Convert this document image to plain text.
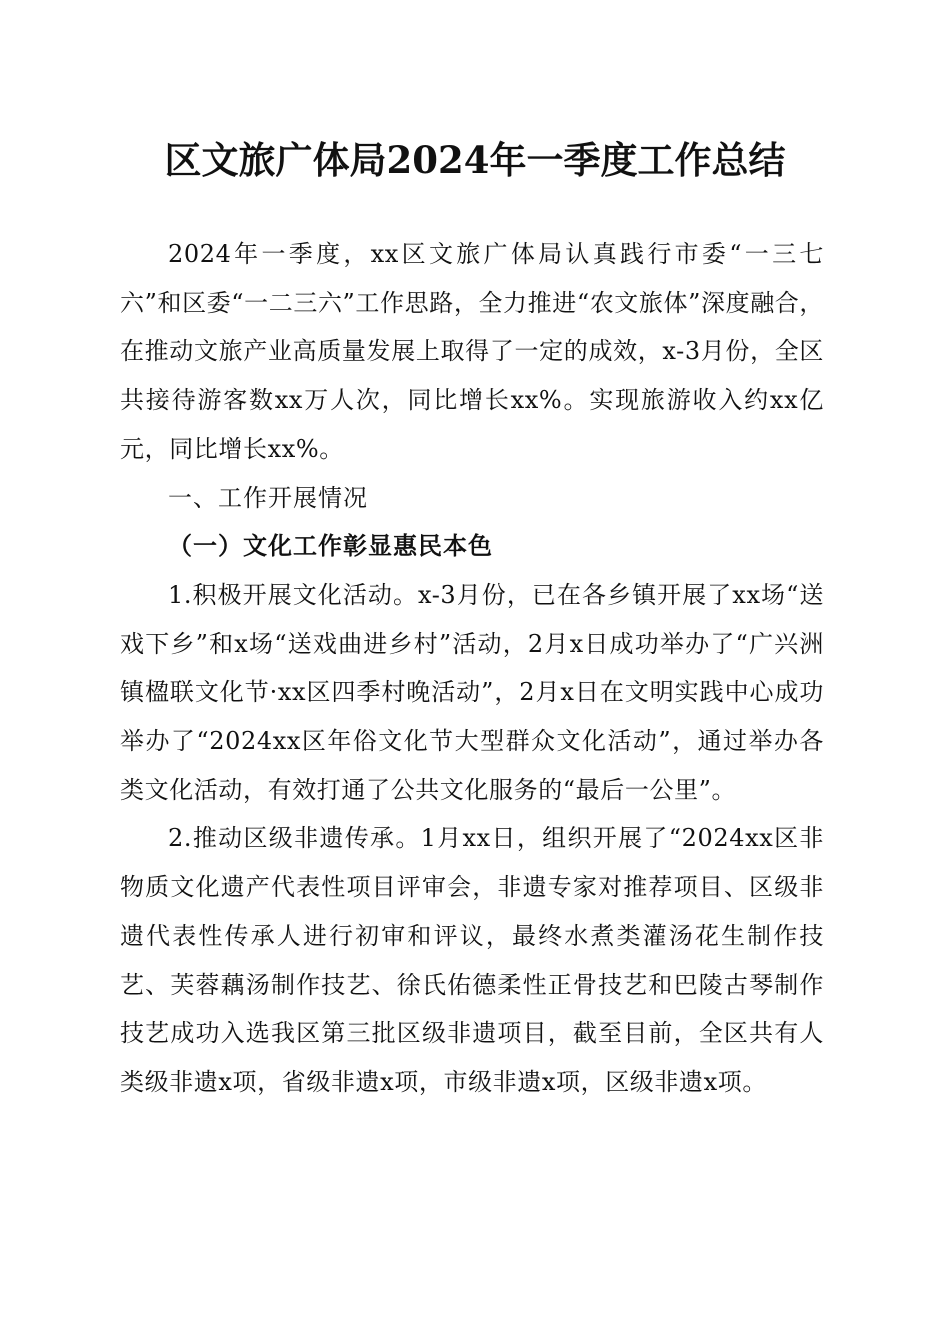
区文旅广体局2024年一季度工作总结

2024年一季度，xx区文旅广体局认真践行市委“一三七六”和区委“一二三六”工作思路，全力推进“农文旅体”深度融合，在推动文旅产业高质量发展上取得了一定的成效，x-3月份，全区共接待游客数xx万人次，同比增长xx%。实现旅游收入约xx亿元，同比增长xx%。

一、工作开展情况

（一）文化工作彰显惠民本色

1.积极开展文化活动。x-3月份，已在各乡镇开展了xx场“送戏下乡”和x场“送戏曲进乡村”活动，2月x日成功举办了“广兴洲镇楹联文化节·xx区四季村晚活动”，2月x日在文明实践中心成功举办了“2024xx区年俗文化节大型群众文化活动”，通过举办各类文化活动，有效打通了公共文化服务的“最后一公里”。

2.推动区级非遗传承。1月xx日，组织开展了“2024xx区非物质文化遗产代表性项目评审会，非遗专家对推荐项目、区级非遗代表性传承人进行初审和评议，最终水煮类灌汤花生制作技艺、芙蓉藕汤制作技艺、徐氏佑德柔性正骨技艺和巴陵古琴制作技艺成功入选我区第三批区级非遗项目，截至目前，全区共有人类级非遗x项，省级非遗x项，市级非遗x项，区级非遗x项。
